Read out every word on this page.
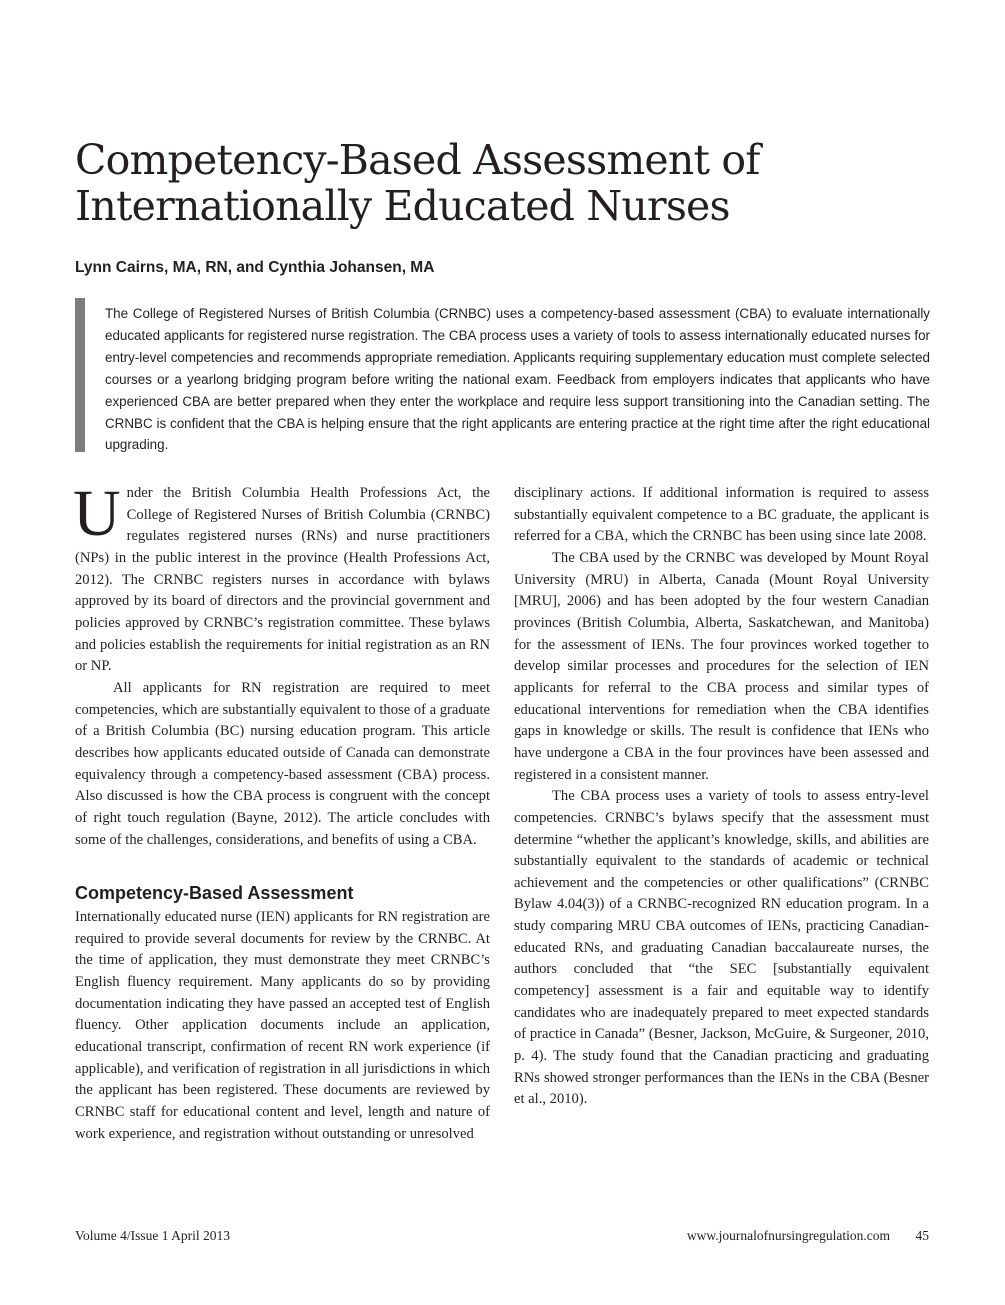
Competency-Based Assessment of Internationally Educated Nurses
Lynn Cairns, MA, RN, and Cynthia Johansen, MA

The College of Registered Nurses of British Columbia (CRNBC) uses a competency-based assessment (CBA) to evaluate internationally educated applicants for registered nurse registration. The CBA process uses a variety of tools to assess internationally educated nurses for entry-level competencies and recommends appropriate remediation. Applicants requiring supplementary education must complete selected courses or a yearlong bridging program before writing the national exam. Feedback from employers indicates that applicants who have experienced CBA are better prepared when they enter the workplace and require less support transitioning into the Canadian setting. The CRNBC is confident that the CBA is helping ensure that the right applicants are entering practice at the right time after the right educational upgrading.

Under the British Columbia Health Professions Act, the College of Registered Nurses of British Columbia (CRNBC) regulates registered nurses (RNs) and nurse practitioners (NPs) in the public interest in the province (Health Professions Act, 2012). The CRNBC registers nurses in accordance with bylaws approved by its board of directors and the provincial government and policies approved by CRNBC’s registration committee. These bylaws and policies establish the requirements for initial registration as an RN or NP.

All applicants for RN registration are required to meet competencies, which are substantially equivalent to those of a graduate of a British Columbia (BC) nursing education program. This article describes how applicants educated outside of Canada can demonstrate equivalency through a competency-based assessment (CBA) process. Also discussed is how the CBA process is congruent with the concept of right touch regulation (Bayne, 2012). The article concludes with some of the challenges, considerations, and benefits of using a CBA.

Competency-Based Assessment

Internationally educated nurse (IEN) applicants for RN registration are required to provide several documents for review by the CRNBC. At the time of application, they must demonstrate they meet CRNBC’s English fluency requirement. Many applicants do so by providing documentation indicating they have passed an accepted test of English fluency. Other application documents include an application, educational transcript, confirmation of recent RN work experience (if applicable), and verification of registration in all jurisdictions in which the applicant has been registered. These documents are reviewed by CRNBC staff for educational content and level, length and nature of work experience, and registration without outstanding or unresolved

disciplinary actions. If additional information is required to assess substantially equivalent competence to a BC graduate, the applicant is referred for a CBA, which the CRNBC has been using since late 2008.

The CBA used by the CRNBC was developed by Mount Royal University (MRU) in Alberta, Canada (Mount Royal University [MRU], 2006) and has been adopted by the four western Canadian provinces (British Columbia, Alberta, Saskatchewan, and Manitoba) for the assessment of IENs. The four provinces worked together to develop similar processes and procedures for the selection of IEN applicants for referral to the CBA process and similar types of educational interventions for remediation when the CBA identifies gaps in knowledge or skills. The result is confidence that IENs who have undergone a CBA in the four provinces have been assessed and registered in a consistent manner.

The CBA process uses a variety of tools to assess entry-level competencies. CRNBC’s bylaws specify that the assessment must determine “whether the applicant’s knowledge, skills, and abilities are substantially equivalent to the standards of academic or technical achievement and the competencies or other qualifications” (CRNBC Bylaw 4.04(3)) of a CRNBC-recognized RN education program. In a study comparing MRU CBA outcomes of IENs, practicing Canadian-educated RNs, and graduating Canadian baccalaureate nurses, the authors concluded that “the SEC [substantially equivalent competency] assessment is a fair and equitable way to identify candidates who are inadequately prepared to meet expected standards of practice in Canada” (Besner, Jackson, McGuire, & Surgeoner, 2010, p. 4). The study found that the Canadian practicing and graduating RNs showed stronger performances than the IENs in the CBA (Besner et al., 2010).

Volume 4/Issue 1 April 2013	www.journalofnursingregulation.com 45
